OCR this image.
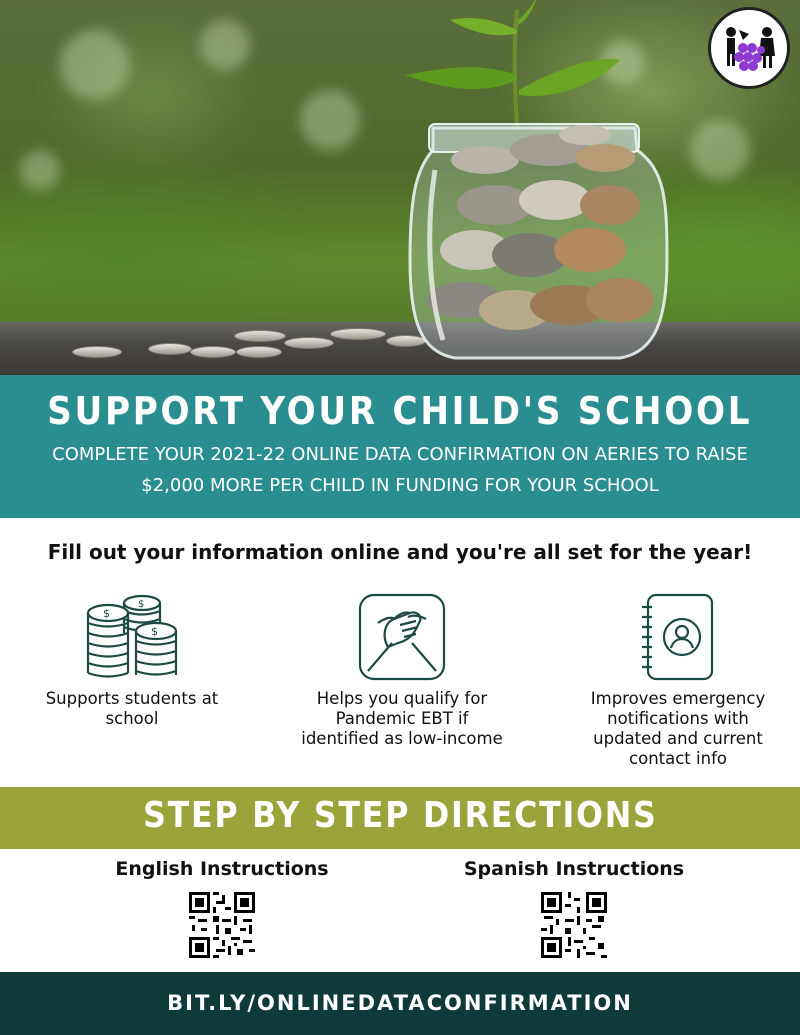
SUPPORT YOUR CHILD'S SCHOOL
COMPLETE YOUR 2021-22 ONLINE DATA CONFIRMATION ON AERIES TO RAISE
$2,000 MORE PER CHILD IN FUNDING FOR YOUR SCHOOL
Fill out your information online and you're all set for the year!
$
$
$
Supports students at school
Helps you qualify for Pandemic EBT if identified as low-income
Improves emergency notifications with updated and current contact info
STEP BY STEP DIRECTIONS
English Instructions	Spanish Instructions
BIT.LY/ONLINEDATACONFIRMATION
